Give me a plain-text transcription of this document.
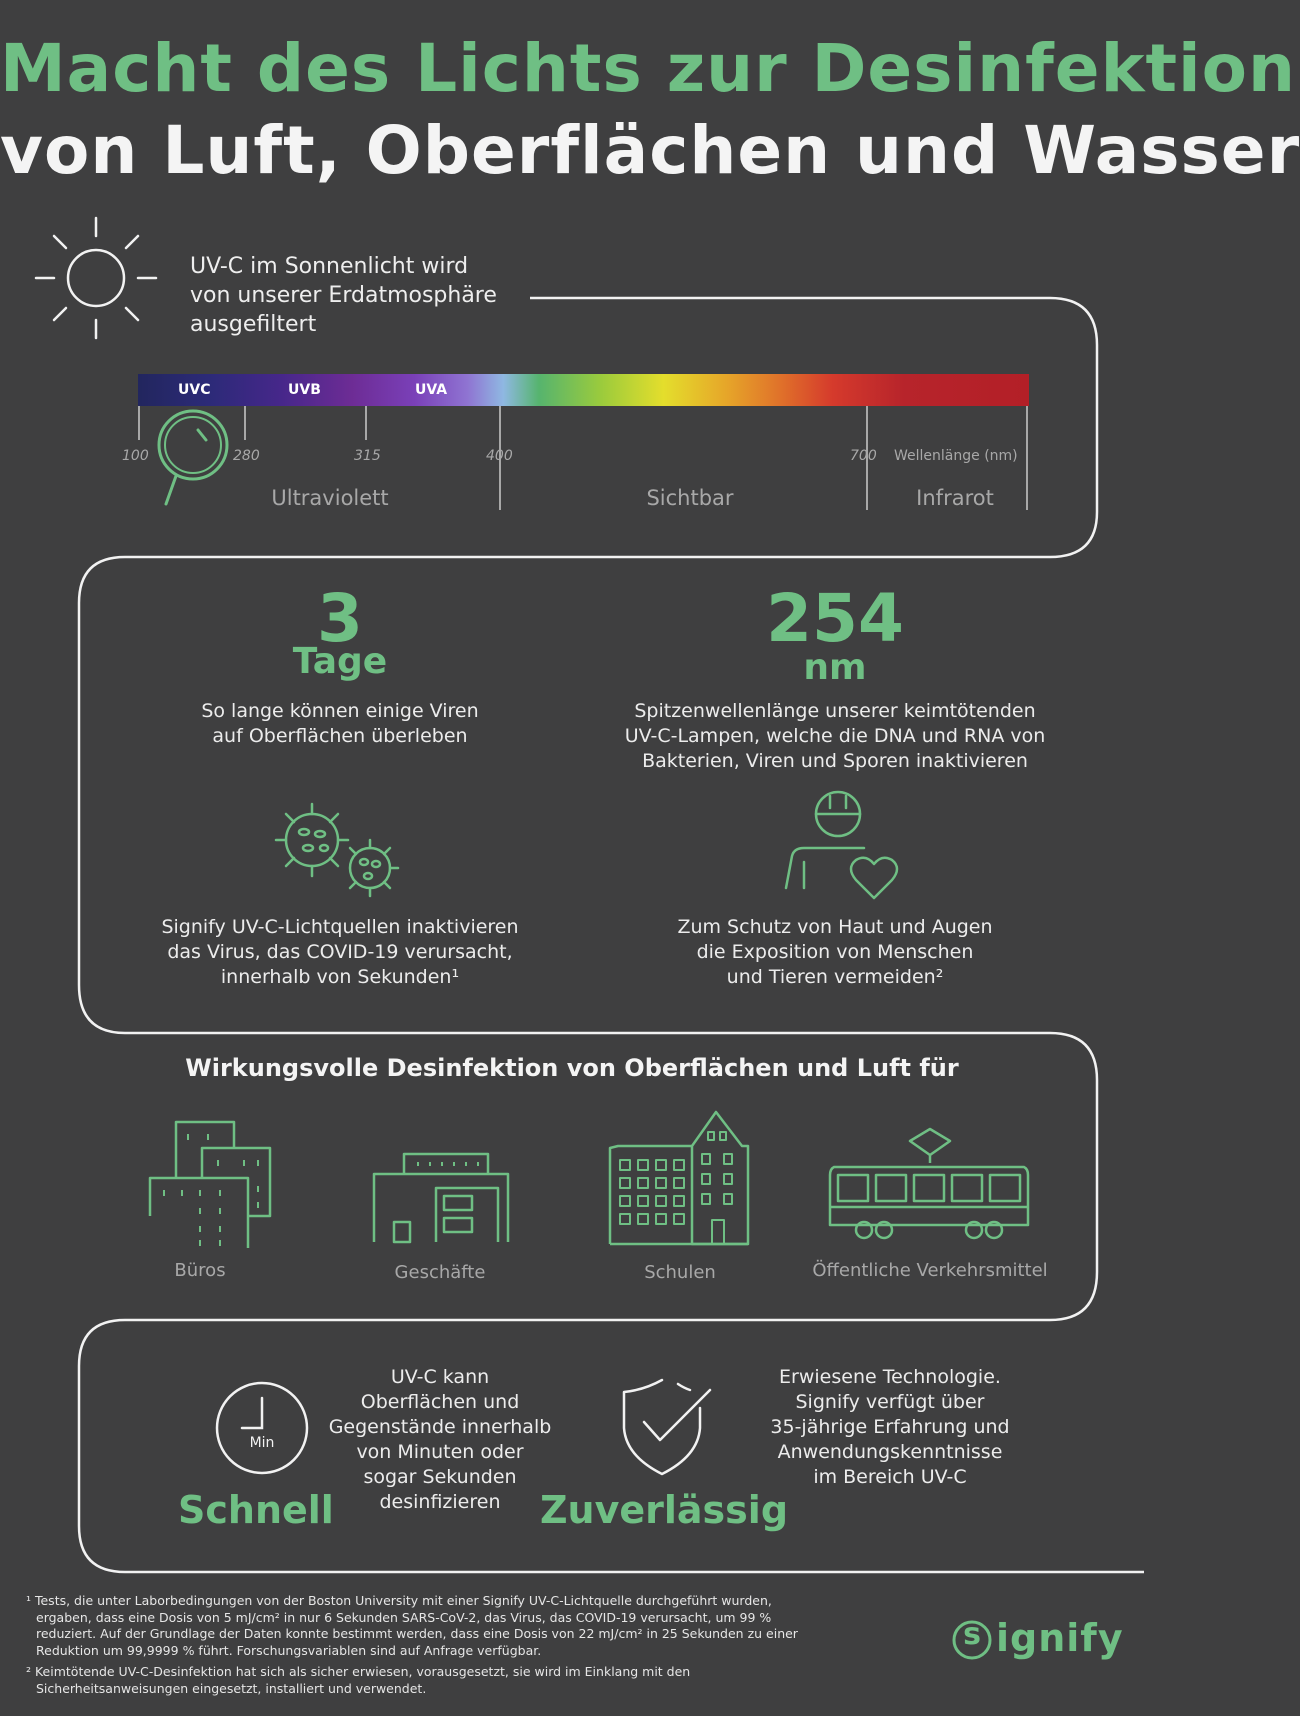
Macht des Lichts zur Desinfektion
von Luft, Oberflächen und Wasser
UV-C im Sonnenlicht wird
von unserer Erdatmosphäre
ausgefiltert
UVC	UVB	UVA
100	280	315	400	700 Wellenlänge (nm)
Ultraviolett	Sichtbar	Infrarot
3
Tage
So lange können einige Viren
auf Oberflächen überleben
254
nm
Spitzenwellenlänge unserer keimtötenden
UV-C-Lampen, welche die DNA und RNA von
Bakterien, Viren und Sporen inaktivieren
Signify UV-C-Lichtquellen inaktivieren
das Virus, das COVID-19 verursacht,
innerhalb von Sekunden¹
Zum Schutz von Haut und Augen
die Exposition von Menschen
und Tieren vermeiden²
Wirkungsvolle Desinfektion von Oberflächen und Luft für
Büros	Geschäfte	Schulen	Öffentliche Verkehrsmittel
Min
Schnell
UV-C kann
Oberflächen und
Gegenstände innerhalb
von Minuten oder
sogar Sekunden
desinfizieren	Zuverlässig
Erwiesene Technologie.
Signify verfügt über
35-jährige Erfahrung und
Anwendungskenntnisse
im Bereich UV-C
¹ Tests, die unter Laborbedingungen von der Boston University mit einer Signify UV-C-Lichtquelle durchgeführt wurden,
ergaben, dass eine Dosis von 5 mJ/cm² in nur 6 Sekunden SARS-CoV-2, das Virus, das COVID-19 verursacht, um 99 %
reduziert. Auf der Grundlage der Daten konnte bestimmt werden, dass eine Dosis von 22 mJ/cm² in 25 Sekunden zu einer
Reduktion um 99,9999 % führt. Forschungsvariablen sind auf Anfrage verfügbar.
² Keimtötende UV-C-Desinfektion hat sich als sicher erwiesen, vorausgesetzt, sie wird im Einklang mit den
Sicherheitsanweisungen eingesetzt, installiert und verwendet.
s ignify
